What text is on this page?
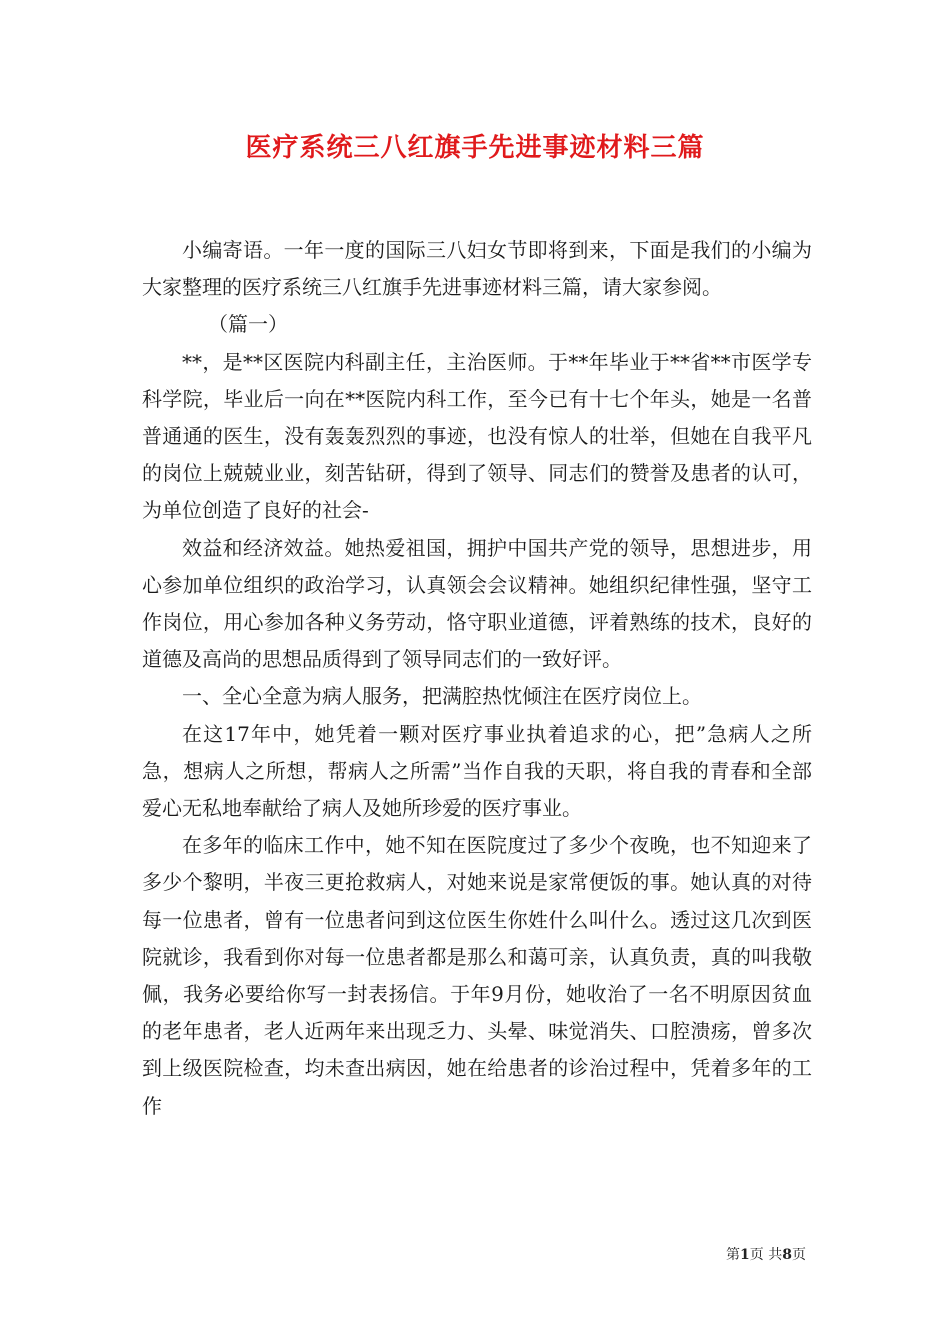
医疗系统三八红旗手先进事迹材料三篇

小编寄语。一年一度的国际三八妇女节即将到来，下面是我们的小编为大家整理的医疗系统三八红旗手先进事迹材料三篇，请大家参阅。

（篇一）

**，是**区医院内科副主任，主治医师。于**年毕业于**省**市医学专科学院，毕业后一向在**医院内科工作，至今已有十七个年头，她是一名普普通通的医生，没有轰轰烈烈的事迹，也没有惊人的壮举，但她在自我平凡的岗位上兢兢业业，刻苦钻研，得到了领导、同志们的赞誉及患者的认可，为单位创造了良好的社会-

效益和经济效益。她热爱祖国，拥护中国共产党的领导，思想进步，用心参加单位组织的政治学习，认真领会会议精神。她组织纪律性强，坚守工作岗位，用心参加各种义务劳动，恪守职业道德，评着熟练的技术，良好的道德及高尚的思想品质得到了领导同志们的一致好评。

一、全心全意为病人服务，把满腔热忱倾注在医疗岗位上。

在这17年中，她凭着一颗对医疗事业执着追求的心，把”急病人之所急，想病人之所想，帮病人之所需”当作自我的天职，将自我的青春和全部爱心无私地奉献给了病人及她所珍爱的医疗事业。

在多年的临床工作中，她不知在医院度过了多少个夜晚，也不知迎来了多少个黎明，半夜三更抢救病人，对她来说是家常便饭的事。她认真的对待每一位患者，曾有一位患者问到这位医生你姓什么叫什么。透过这几次到医院就诊，我看到你对每一位患者都是那么和蔼可亲，认真负责，真的叫我敬佩，我务必要给你写一封表扬信。于年9月份，她收治了一名不明原因贫血的老年患者，老人近两年来出现乏力、头晕、味觉消失、口腔溃疡，曾多次到上级医院检查，均未查出病因，她在给患者的诊治过程中，凭着多年的工作

第1页 共8页
